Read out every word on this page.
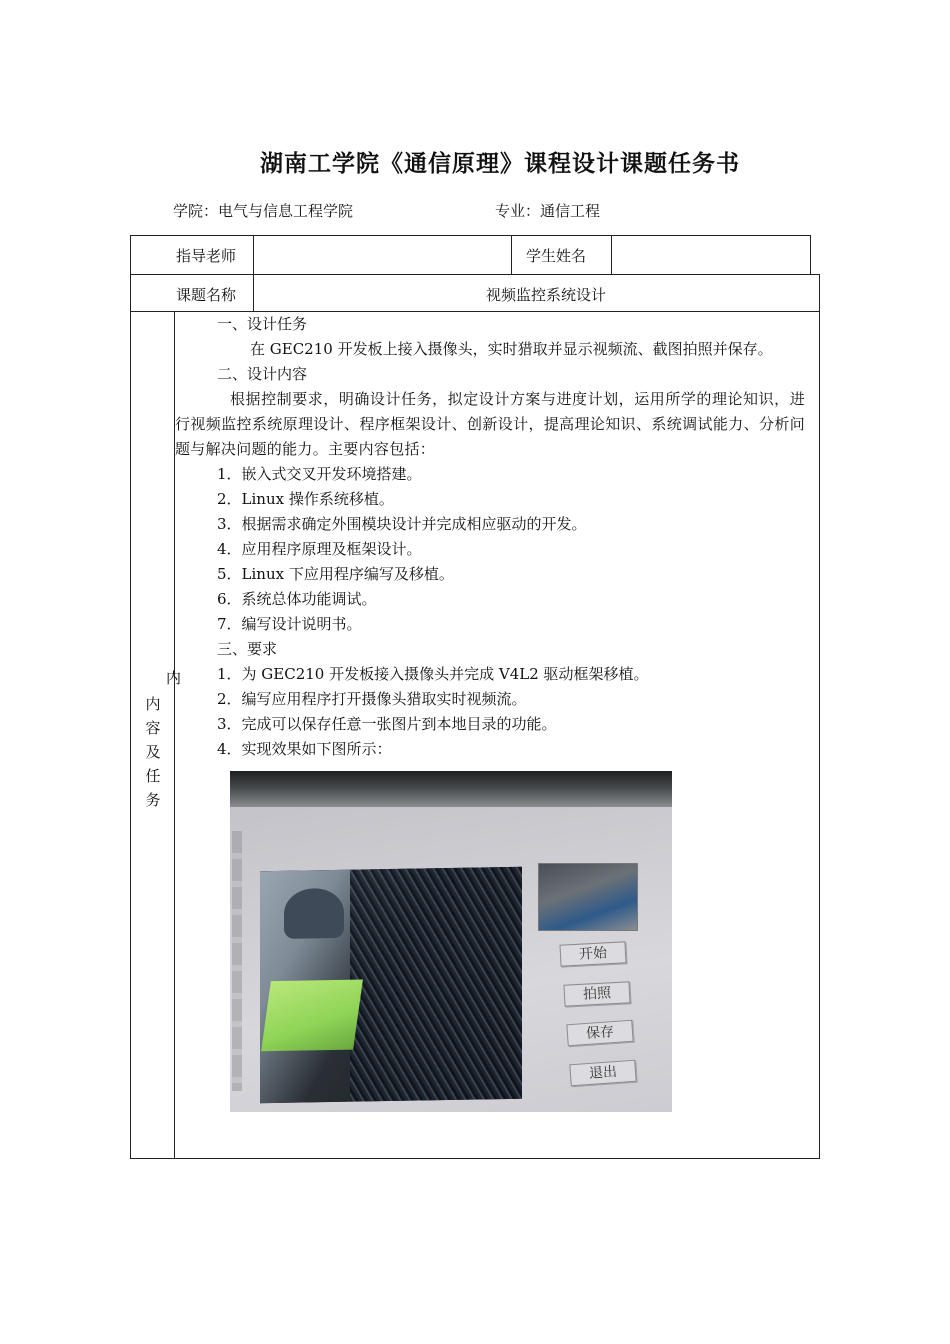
湖南工学院《通信原理》课程设计课题任务书
学院：电气与信息工程学院	专业：通信工程
指导老师	学生姓名
课题名称	视频监控系统设计
内
内
容
及
任
务

一、设计任务

在 GEC210 开发板上接入摄像头，实时猎取并显示视频流、截图拍照并保存。

二、设计内容

根据控制要求，明确设计任务，拟定设计方案与进度计划，运用所学的理论知识，进行视频监控系统原理设计、程序框架设计、创新设计，提高理论知识、系统调试能力、分析问题与解决问题的能力。主要内容包括：

1．嵌入式交叉开发环境搭建。

2．Linux 操作系统移植。

3．根据需求确定外围模块设计并完成相应驱动的开发。

4．应用程序原理及框架设计。

5．Linux 下应用程序编写及移植。

6．系统总体功能调试。

7．编写设计说明书。

三、要求

1．为 GEC210 开发板接入摄像头并完成 V4L2 驱动框架移植。

2．编写应用程序打开摄像头猎取实时视频流。

3．完成可以保存任意一张图片到本地目录的功能。

4．实现效果如下图所示：

开始
拍照
保存
退出
